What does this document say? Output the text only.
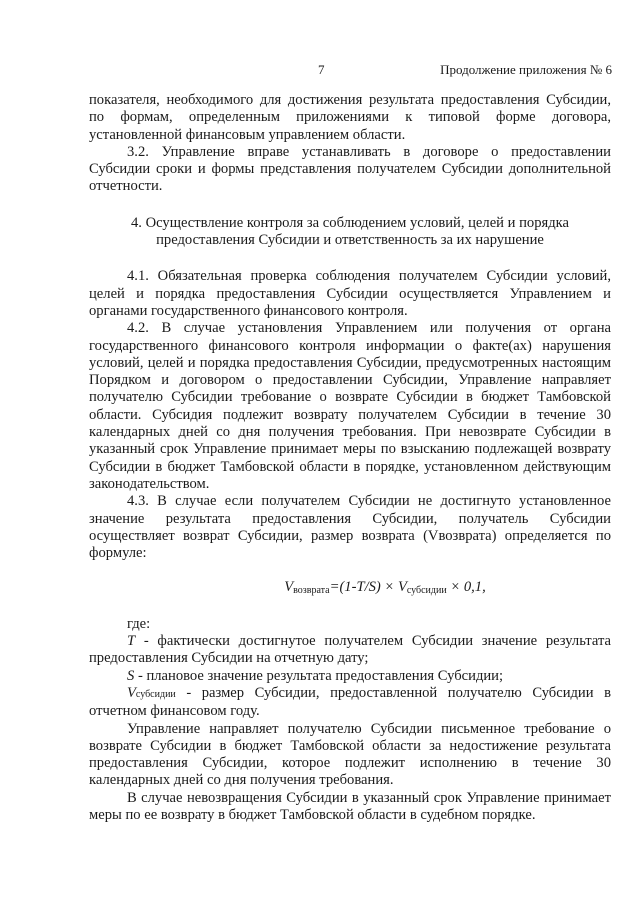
7	Продолжение приложения № 6

показателя, необходимого для достижения результата предоставления Субсидии, по формам, определенным приложениями к типовой форме договора, установленной финансовым управлением области.

3.2. Управление вправе устанавливать в договоре о предоставлении Субсидии сроки и формы представления получателем Субсидии дополнительной отчетности.

4. Осуществление контроля за соблюдением условий, целей и порядка предоставления Субсидии и ответственность за их нарушение

4.1. Обязательная проверка соблюдения получателем Субсидии условий, целей и порядка предоставления Субсидии осуществляется Управлением и органами государственного финансового контроля.

4.2. В случае установления Управлением или получения от органа государственного финансового контроля информации о факте(ах) нарушения условий, целей и порядка предоставления Субсидии, предусмотренных настоящим Порядком и договором о предоставлении Субсидии, Управление направляет получателю Субсидии требование о возврате Субсидии в бюджет Тамбовской области. Субсидия подлежит возврату получателем Субсидии в течение 30 календарных дней со дня получения требования. При невозврате Субсидии в указанный срок Управление принимает меры по взысканию подлежащей возврату Субсидии в бюджет Тамбовской области в порядке, установленном действующим законодательством.

4.3. В случае если получателем Субсидии не достигнуто установленное значение результата предоставления Субсидии, получатель Субсидии осуществляет возврат Субсидии, размер возврата (Vвозврата) определяется по формуле:

Vвозврата=(1-T/S) × Vсубсидии × 0,1,

где:

T - фактически достигнутое получателем Субсидии значение результата предоставления Субсидии на отчетную дату;

S - плановое значение результата предоставления Субсидии;

Vсубсидии - размер Субсидии, предоставленной получателю Субсидии в отчетном финансовом году.

Управление направляет получателю Субсидии письменное требование о возврате Субсидии в бюджет Тамбовской области за недостижение результата предоставления Субсидии, которое подлежит исполнению в течение 30 календарных дней со дня получения требования.

В случае невозвращения Субсидии в указанный срок Управление принимает меры по ее возврату в бюджет Тамбовской области в судебном порядке.
